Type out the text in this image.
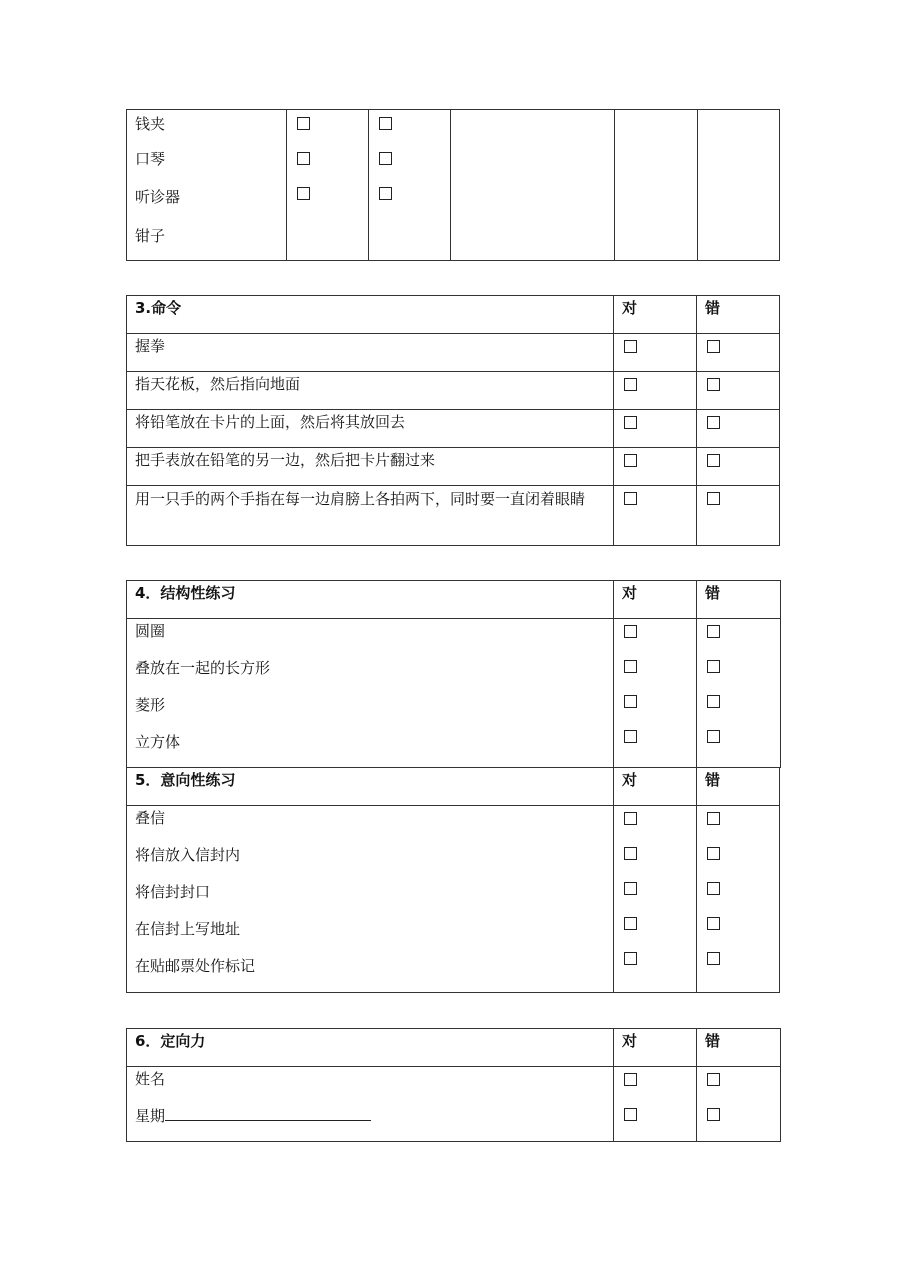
钱夹
口琴
听诊器
钳子

3.命令	对	错

握拳		

指天花板，然后指向地面		

将铅笔放在卡片的上面，然后将其放回去		

把手表放在铅笔的另一边，然后把卡片翻过来		

用一只手的两个手指在每一边肩膀上各拍两下，同时要一直闭着眼睛		

4．结构性练习	对	错

圆圈
叠放在一起的长方形
菱形
立方体		

5．意向性练习	对	错

叠信
将信放入信封内
将信封封口
在信封上写地址
在贴邮票处作标记		

6．定向力	对	错

姓名
星期		
